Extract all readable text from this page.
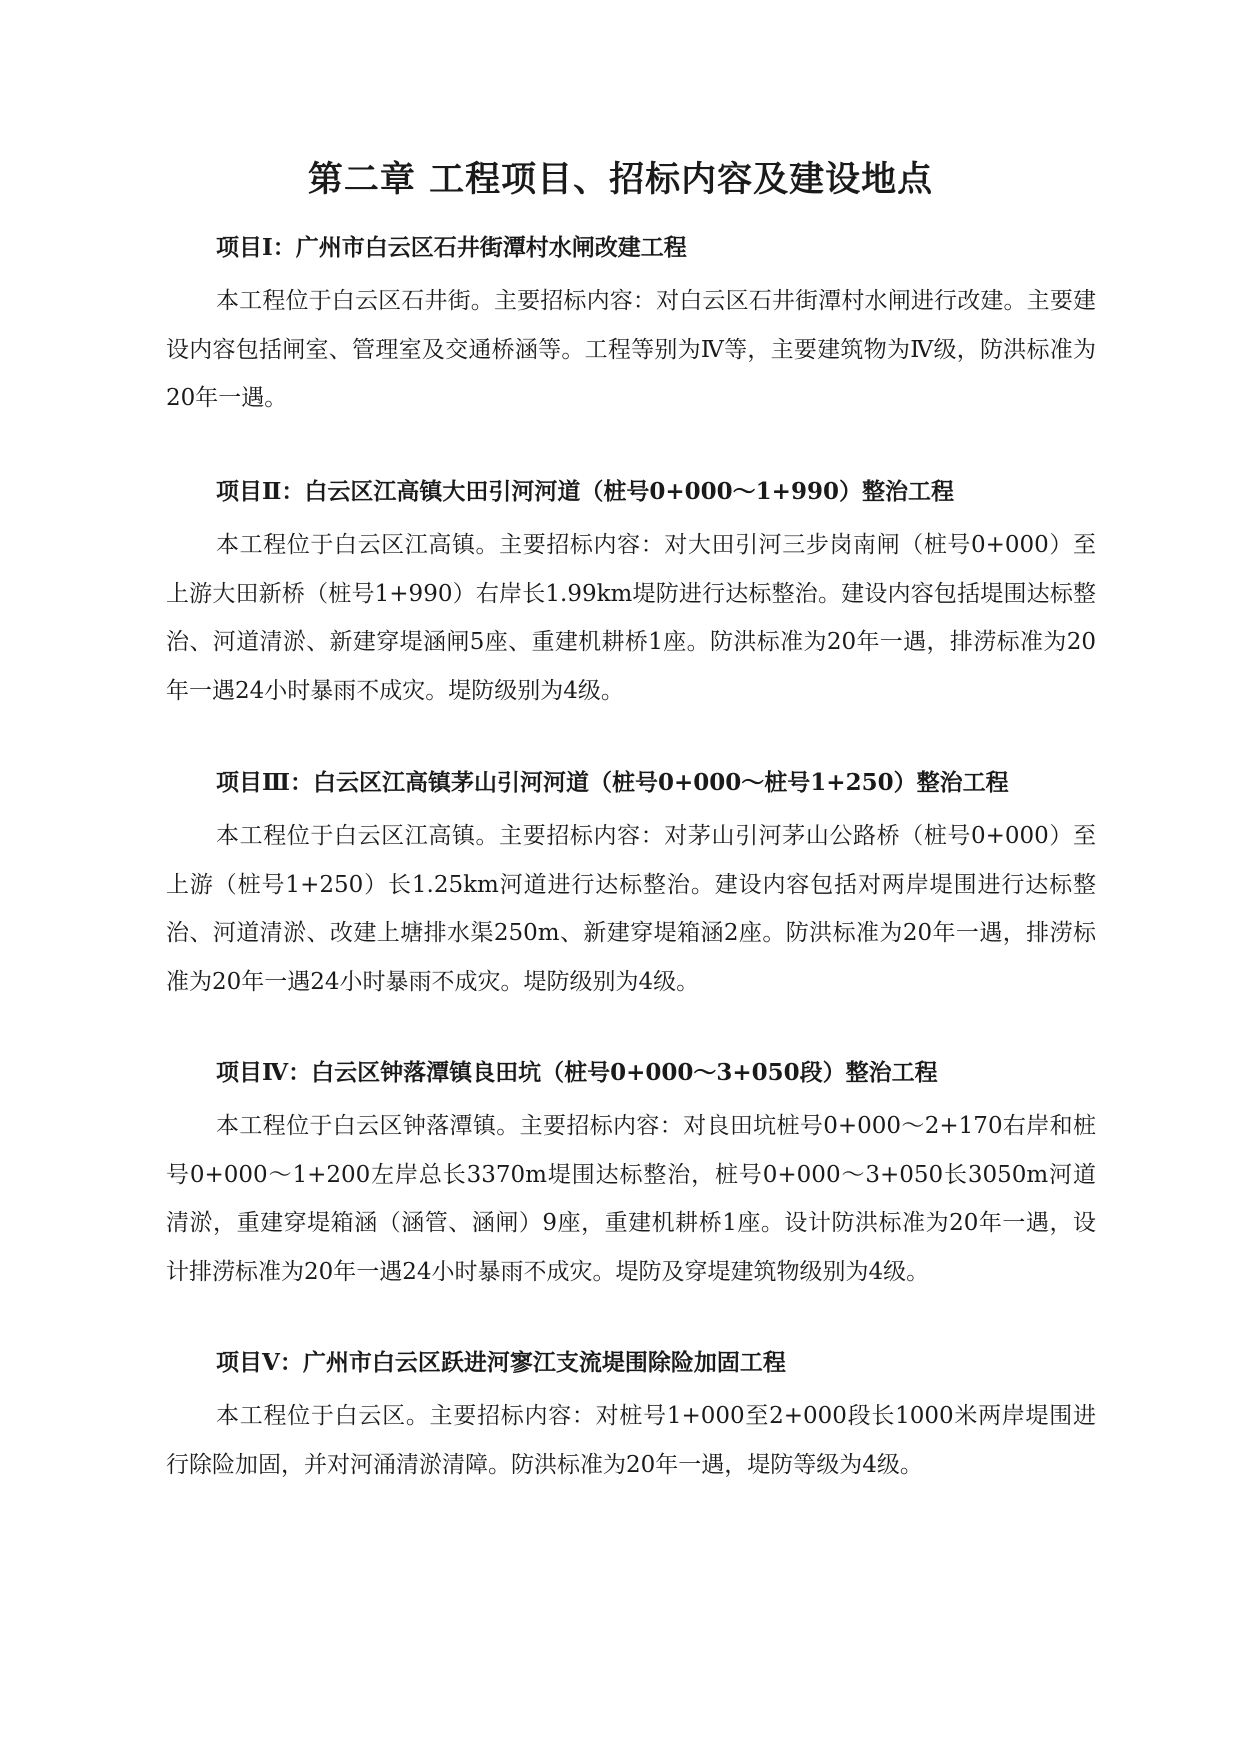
第二章 工程项目、招标内容及建设地点
项目Ⅰ：广州市白云区石井街潭村水闸改建工程

本工程位于白云区石井街。主要招标内容：对白云区石井街潭村水闸进行改建。主要建设内容包括闸室、管理室及交通桥涵等。工程等别为Ⅳ等，主要建筑物为Ⅳ级，防洪标准为20年一遇。

项目Ⅱ：白云区江高镇大田引河河道（桩号0+000～1+990）整治工程

本工程位于白云区江高镇。主要招标内容：对大田引河三步岗南闸（桩号0+000）至上游大田新桥（桩号1+990）右岸长1.99km堤防进行达标整治。建设内容包括堤围达标整治、河道清淤、新建穿堤涵闸5座、重建机耕桥1座。防洪标准为20年一遇，排涝标准为20年一遇24小时暴雨不成灾。堤防级别为4级。

项目Ⅲ：白云区江高镇茅山引河河道（桩号0+000～桩号1+250）整治工程

本工程位于白云区江高镇。主要招标内容：对茅山引河茅山公路桥（桩号0+000）至上游（桩号1+250）长1.25km河道进行达标整治。建设内容包括对两岸堤围进行达标整治、河道清淤、改建上塘排水渠250m、新建穿堤箱涵2座。防洪标准为20年一遇，排涝标准为20年一遇24小时暴雨不成灾。堤防级别为4级。

项目Ⅳ：白云区钟落潭镇良田坑（桩号0+000～3+050段）整治工程

本工程位于白云区钟落潭镇。主要招标内容：对良田坑桩号0+000～2+170右岸和桩号0+000～1+200左岸总长3370m堤围达标整治，桩号0+000～3+050长3050m河道清淤，重建穿堤箱涵（涵管、涵闸）9座，重建机耕桥1座。设计防洪标准为20年一遇，设计排涝标准为20年一遇24小时暴雨不成灾。堤防及穿堤建筑物级别为4级。

项目Ⅴ：广州市白云区跃进河寥江支流堤围除险加固工程

本工程位于白云区。主要招标内容：对桩号1+000至2+000段长1000米两岸堤围进行除险加固，并对河涌清淤清障。防洪标准为20年一遇，堤防等级为4级。
